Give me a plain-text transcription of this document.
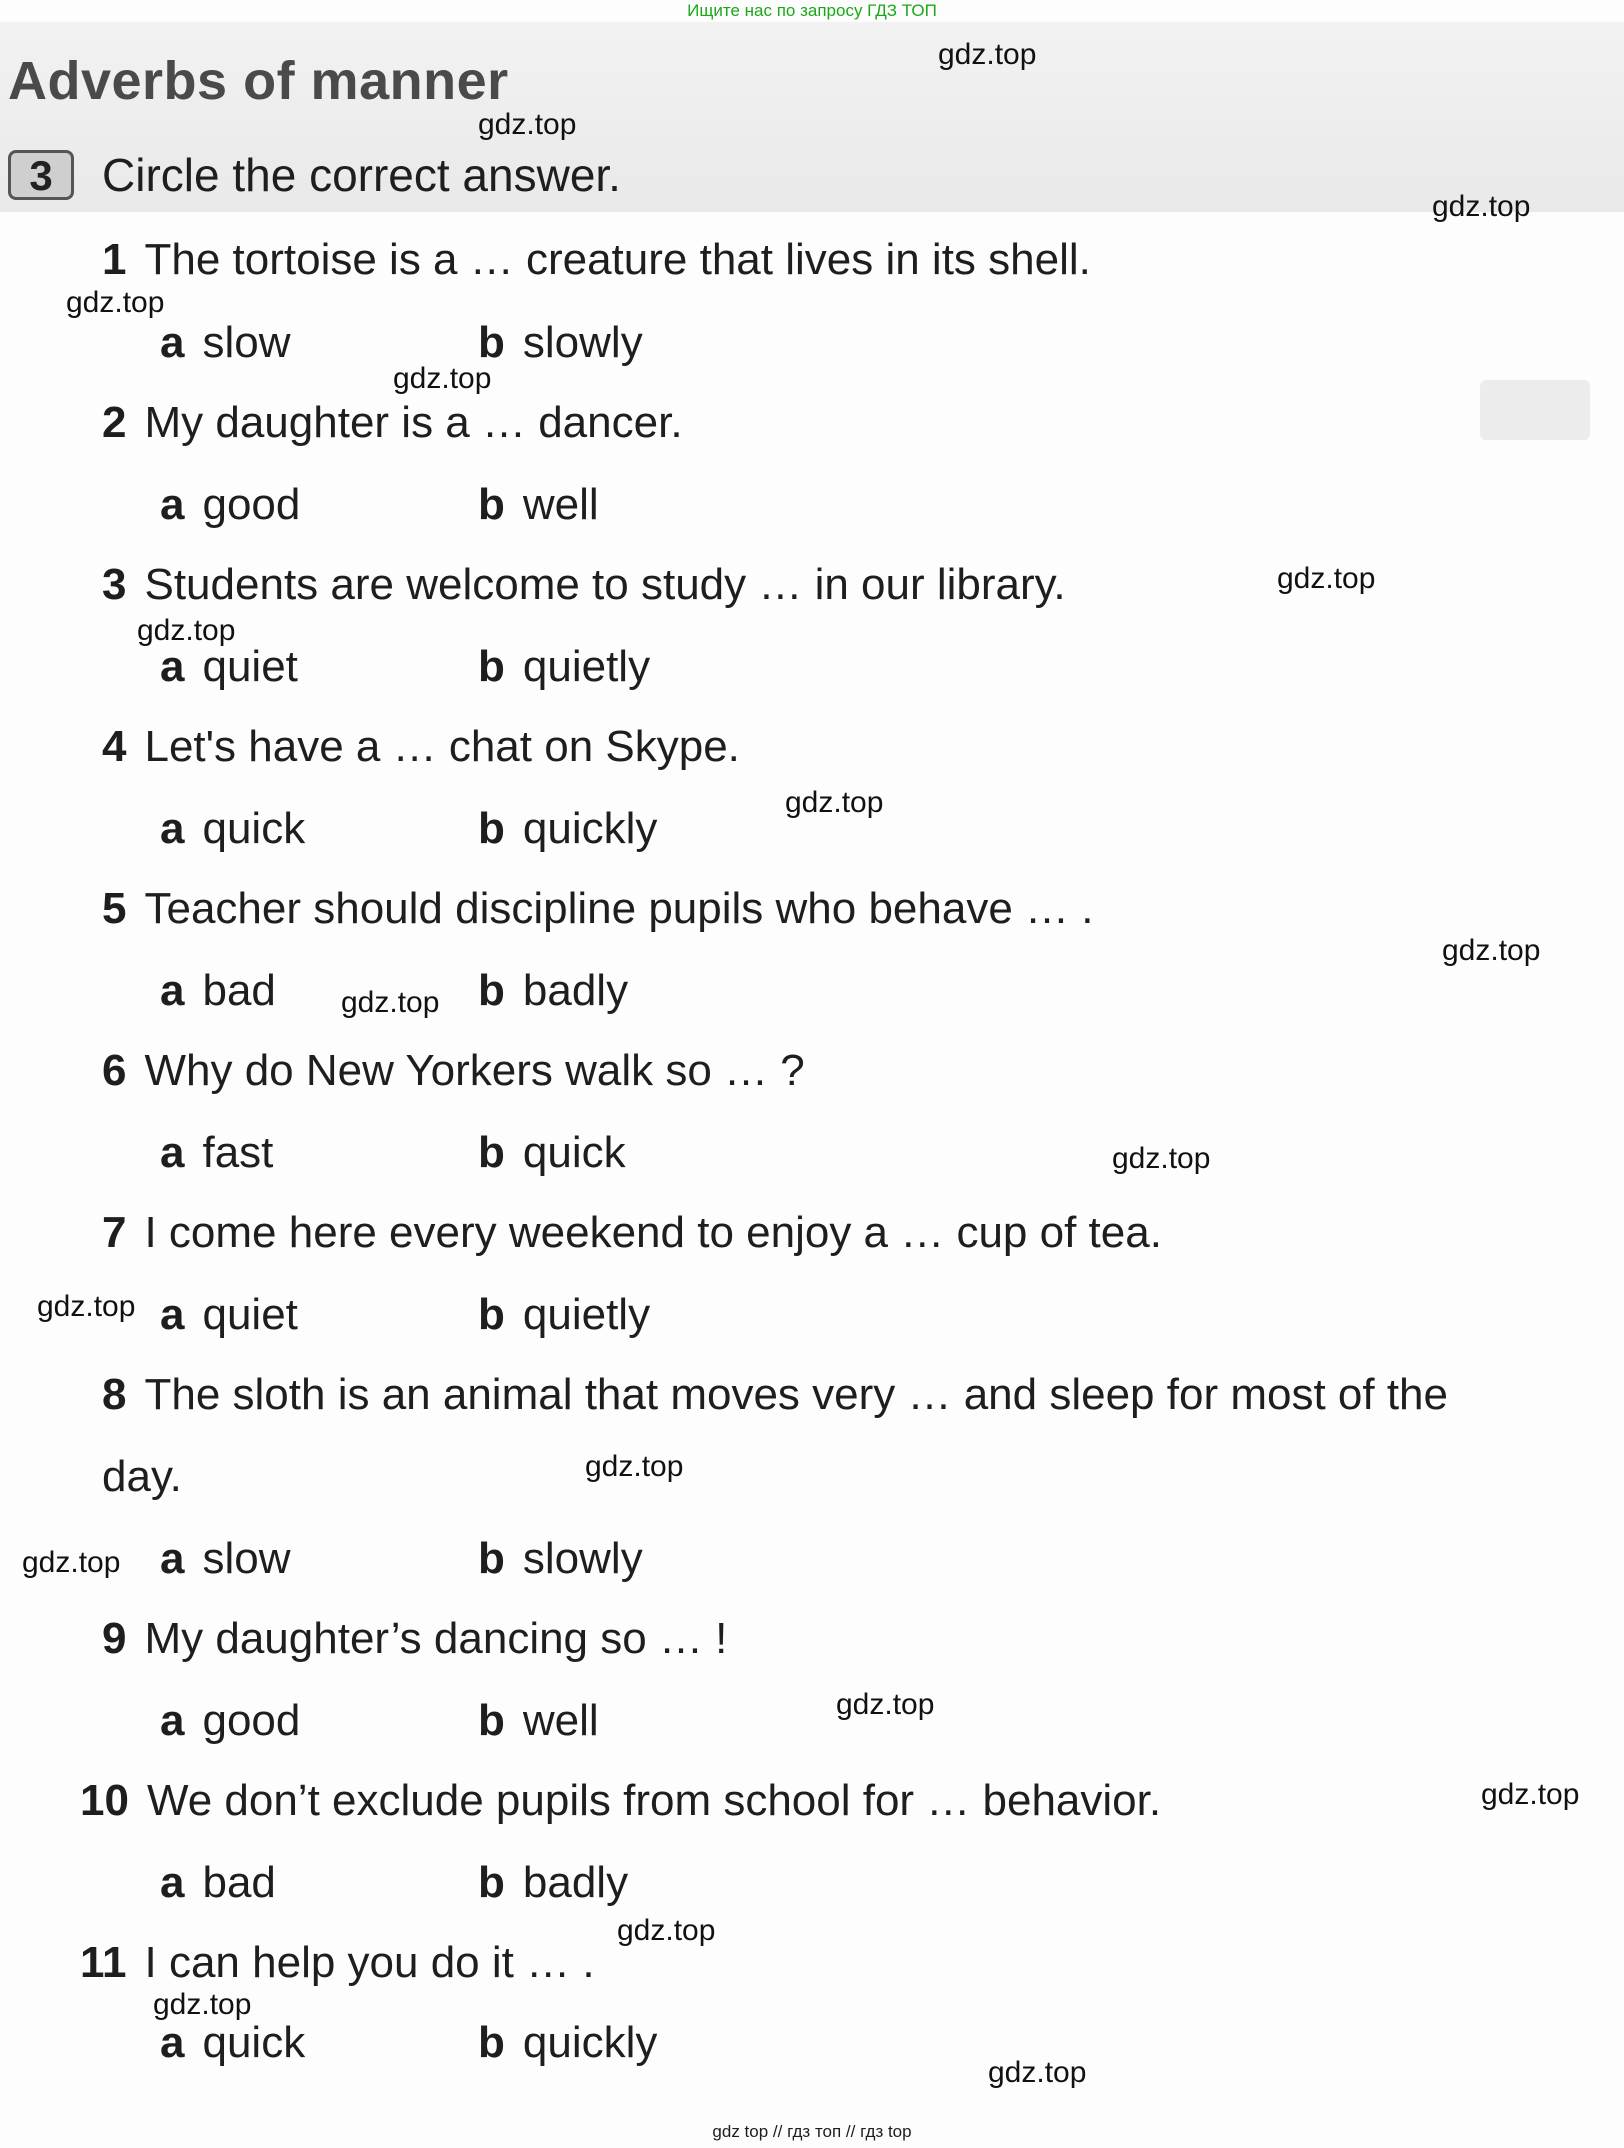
Ищите нас по запросу ГДЗ ТОП
Adverbs of manner
3	Circle the correct answer.
1 The tortoise is a … creature that lives in its shell.
a slow	b slowly
2 My daughter is a … dancer.
a good	b well
3 Students are welcome to study … in our library.
a quiet	b quietly
4 Let's have a … chat on Skype.
a quick	b quickly
5 Teacher should discipline pupils who behave … .
a bad	b badly
6 Why do New Yorkers walk so … ?
a fast	b quick
7 I come here every weekend to enjoy a … cup of tea.
a quiet	b quietly
8 The sloth is an animal that moves very … and sleep for most of the day.
a slow	b slowly
9 My daughter’s dancing so … !
a good	b well
10 We don’t exclude pupils from school for … behavior.
a bad	b badly
11 I can help you do it … .
a quick	b quickly
gdz.top
gdz.top
gdz.top
gdz.top
gdz.top
gdz.top
gdz.top
gdz.top
gdz.top
gdz.top
gdz.top
gdz.top
gdz.top
gdz.top
gdz.top
gdz.top
gdz.top
gdz.top
gdz.top
gdz top // гдз топ // гдз top
